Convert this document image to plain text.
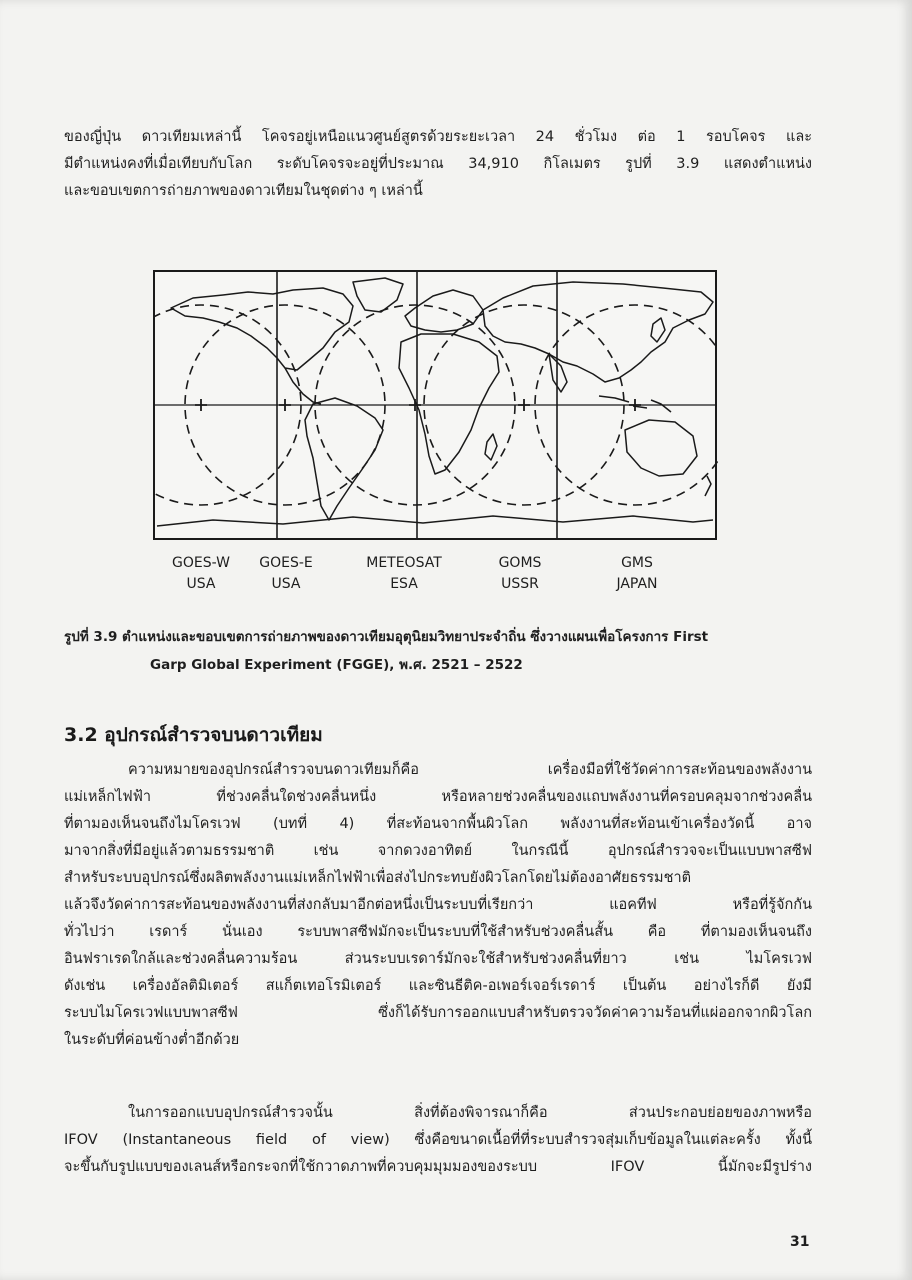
ของญี่ปุ่น ดาวเทียมเหล่านี้ โคจรอยู่เหนือแนวศูนย์สูตรด้วยระยะเวลา 24 ชั่วโมง ต่อ 1 รอบโคจร และ
มีตำแหน่งคงที่เมื่อเทียบกับโลก ระดับโคจรจะอยู่ที่ประมาณ 34,910 กิโลเมตร รูปที่ 3.9 แสดงตำแหน่ง
และขอบเขตการถ่ายภาพของดาวเทียมในชุดต่าง ๆ เหล่านี้
GOES-W
USA
GOES-E
USA
METEOSAT
ESA
GOMS
USSR
GMS
JAPAN
รูปที่ 3.9 ตำแหน่งและขอบเขตการถ่ายภาพของดาวเทียมอุตุนิยมวิทยาประจำถิ่น ซึ่งวางแผนเพื่อโครงการ First
Garp Global Experiment (FGGE), พ.ศ. 2521 – 2522
3.2 อุปกรณ์สำรวจบนดาวเทียม
ความหมายของอุปกรณ์สำรวจบนดาวเทียมก็คือ เครื่องมือที่ใช้วัดค่าการสะท้อนของพลังงาน
แม่เหล็กไฟฟ้า ที่ช่วงคลื่นใดช่วงคลื่นหนึ่ง หรือหลายช่วงคลื่นของแถบพลังงานที่ครอบคลุมจากช่วงคลื่น
ที่ตามองเห็นจนถึงไมโครเวฟ (บทที่ 4) ที่สะท้อนจากพื้นผิวโลก พลังงานที่สะท้อนเข้าเครื่องวัดนี้ อาจ
มาจากสิ่งที่มีอยู่แล้วตามธรรมชาติ เช่น จากดวงอาทิตย์ ในกรณีนี้ อุปกรณ์สำรวจจะเป็นแบบพาสซีฟ
สำหรับระบบอุปกรณ์ซึ่งผลิตพลังงานแม่เหล็กไฟฟ้าเพื่อส่งไปกระทบยังผิวโลกโดยไม่ต้องอาศัยธรรมชาติ
แล้วจึงวัดค่าการสะท้อนของพลังงานที่ส่งกลับมาอีกต่อหนึ่งเป็นระบบที่เรียกว่า แอคทีฟ หรือที่รู้จักกัน
ทั่วไปว่า เรดาร์ นั่นเอง ระบบพาสซีฟมักจะเป็นระบบที่ใช้สำหรับช่วงคลื่นสั้น คือ ที่ตามองเห็นจนถึง
อินฟราเรดใกล้และช่วงคลื่นความร้อน ส่วนระบบเรดาร์มักจะใช้สำหรับช่วงคลื่นที่ยาว เช่น ไมโครเวฟ
ดังเช่น เครื่องอัลติมิเตอร์ สแก็ตเทอโรมิเตอร์ และซินธีติค-อเพอร์เจอร์เรดาร์ เป็นต้น อย่างไรก็ดี ยังมี
ระบบไมโครเวฟแบบพาสซีฟ ซึ่งก็ได้รับการออกแบบสำหรับตรวจวัดค่าความร้อนที่แผ่ออกจากผิวโลก
ในระดับที่ค่อนข้างต่ำอีกด้วย
ในการออกแบบอุปกรณ์สำรวจนั้น สิ่งที่ต้องพิจารณาก็คือ ส่วนประกอบย่อยของภาพหรือ
IFOV (Instantaneous field of view) ซึ่งคือขนาดเนื้อที่ที่ระบบสำรวจสุ่มเก็บข้อมูลในแต่ละครั้ง ทั้งนี้
จะขึ้นกับรูปแบบของเลนส์หรือกระจกที่ใช้กวาดภาพที่ควบคุมมุมมองของระบบ IFOV นี้มักจะมีรูปร่าง
31
